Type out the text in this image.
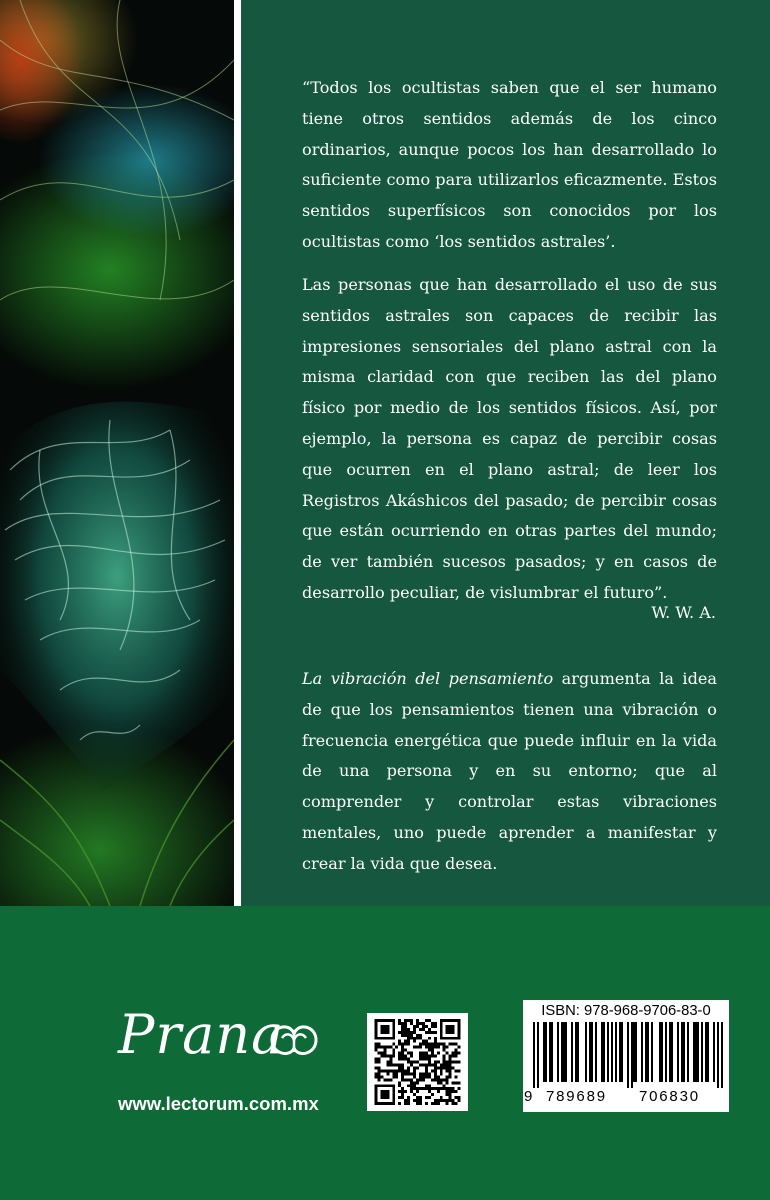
“Todos los ocultistas saben que el ser humano tiene otros sentidos además de los cinco ordinarios, aunque pocos los han desarrollado lo suficiente como para utilizarlos eficazmente. Estos sentidos superfísicos son conocidos por los ocultistas como ‘los sentidos astrales’.

Las personas que han desarrollado el uso de sus sentidos astrales son capaces de recibir las impresiones sensoriales del plano astral con la misma claridad con que reciben las del plano físico por medio de los sentidos físicos. Así, por ejemplo, la persona es capaz de percibir cosas que ocurren en el plano astral; de leer los Registros Akáshicos del pasado; de percibir cosas que están ocurriendo en otras partes del mundo; de ver también sucesos pasados; y en casos de desarrollo peculiar, de vislumbrar el futuro”.

W. W. A.

La vibración del pensamiento argumenta la idea de que los pensamientos tienen una vibración o frecuencia energética que puede influir en la vida de una persona y en su entorno; que al comprender y controlar estas vibraciones mentales, uno puede aprender a manifestar y crear la vida que desea.

Prana
www.lectorum.com.mx
ISBN: 978-968-9706-83-0
9 789689 706830
